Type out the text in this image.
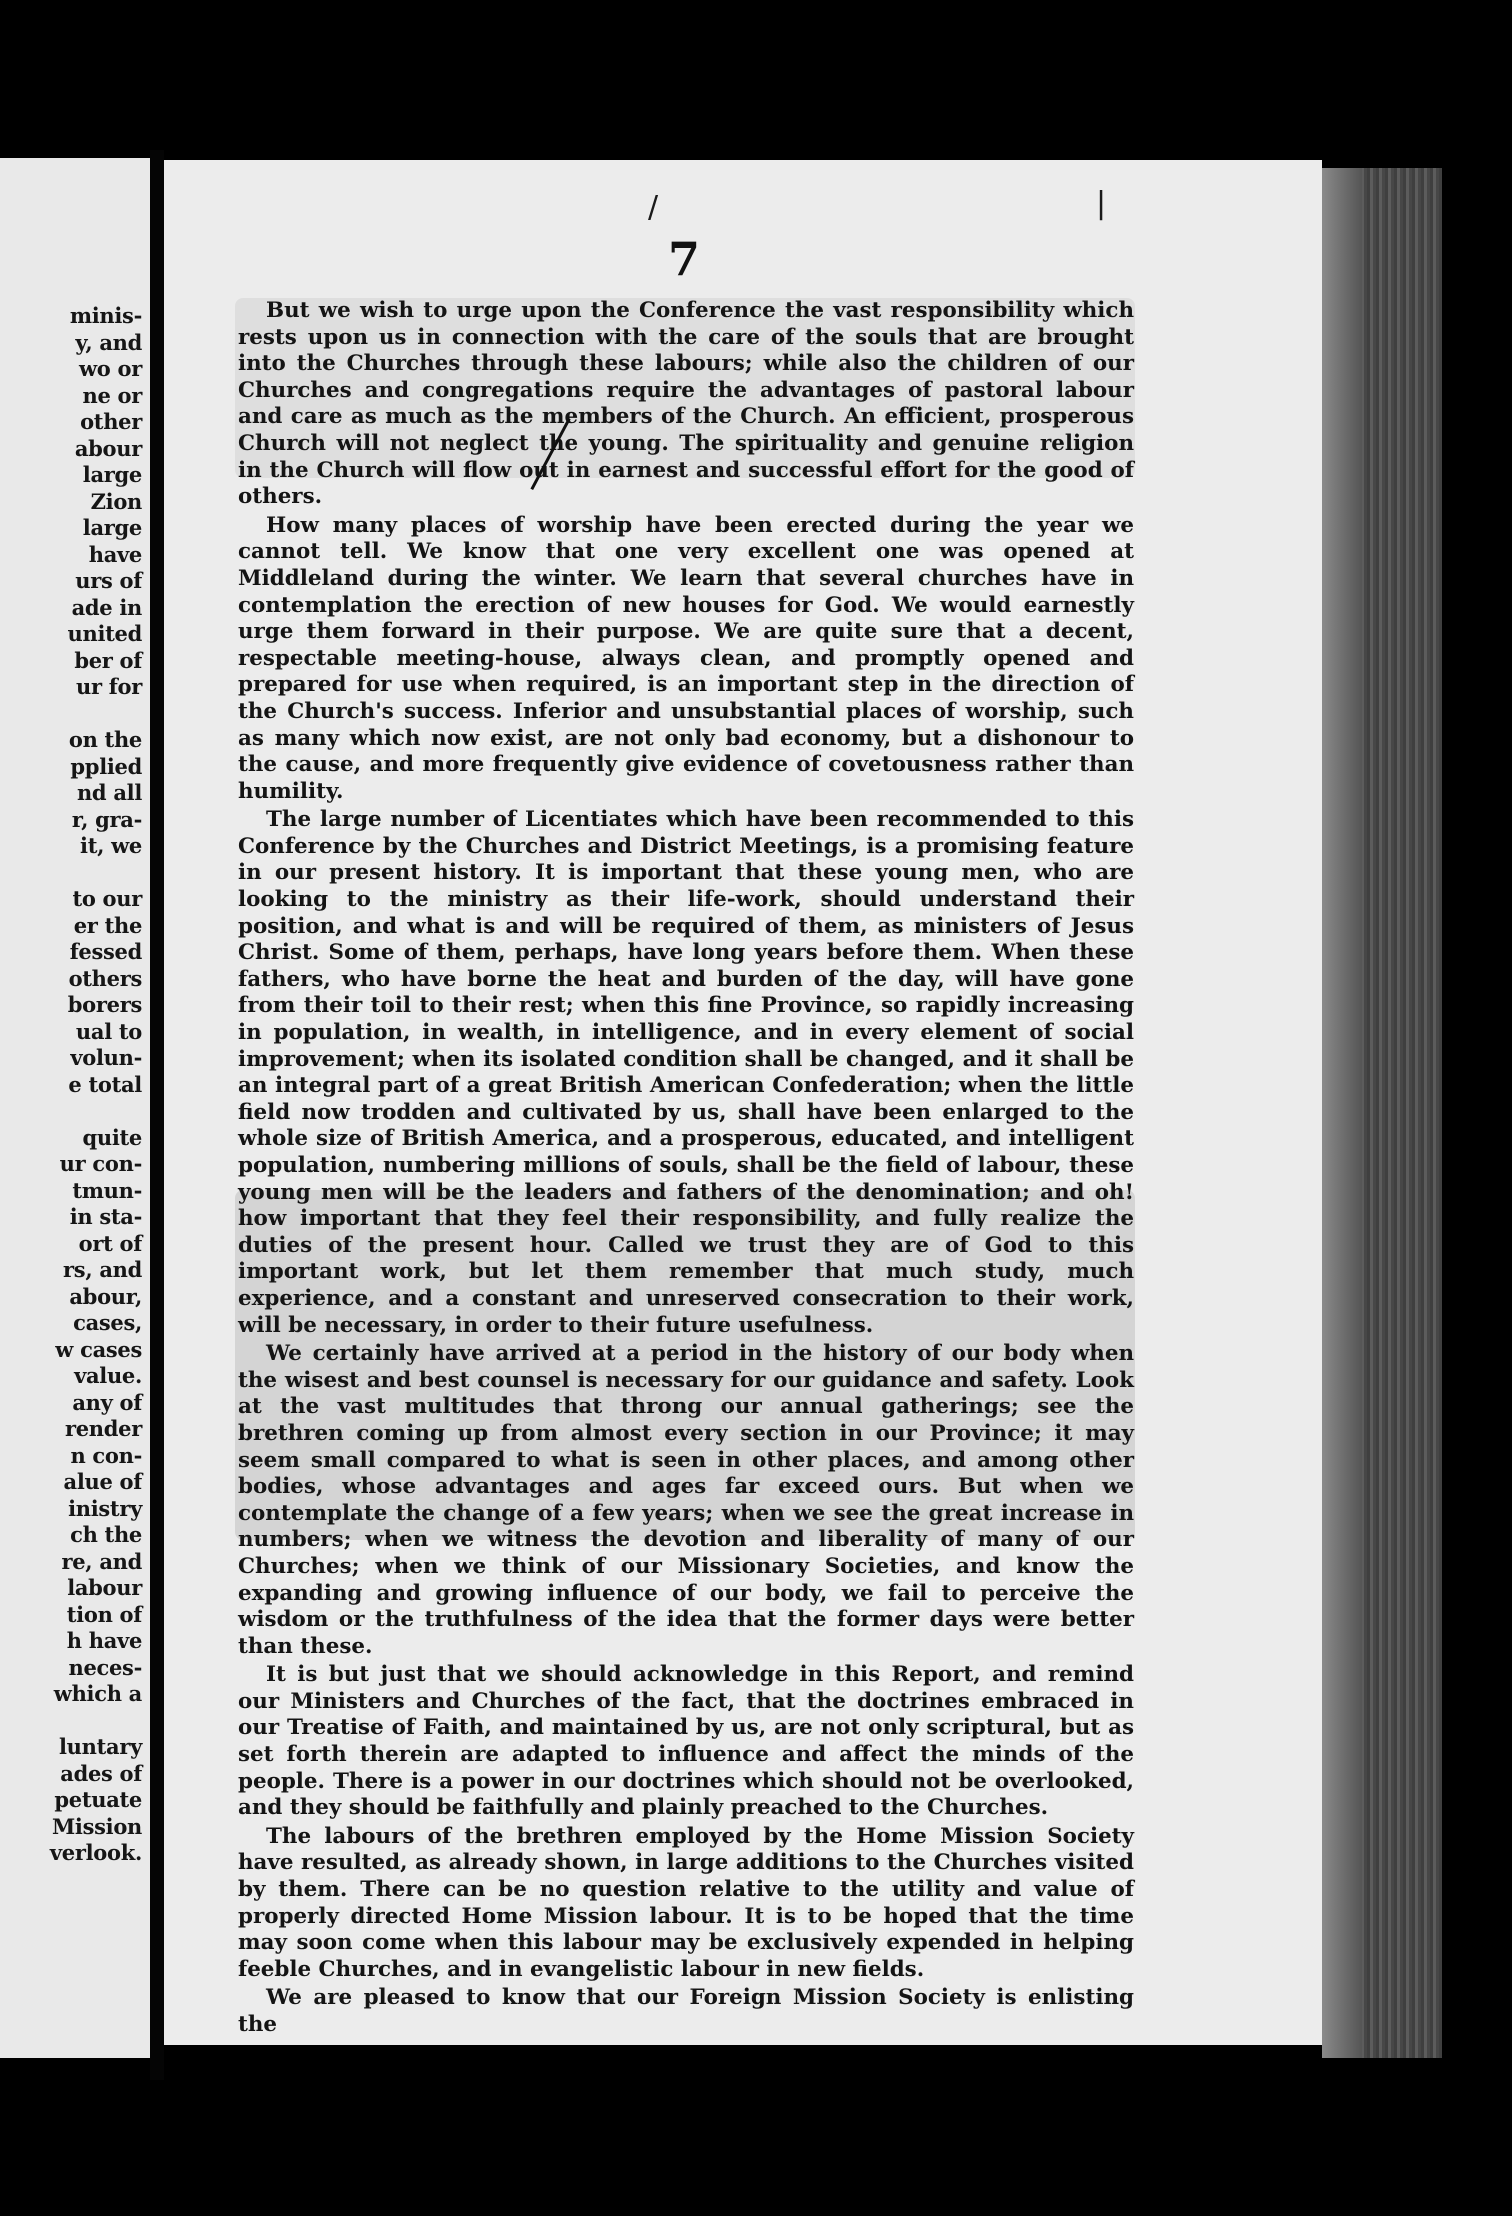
minis-
y, and
wo or
ne or
other
abour
large
Zion
large
have
urs of
ade in
united
ber of
ur for
on the
pplied
nd all
r, gra-
it, we
to our
er the
fessed
others
borers
ual to
volun-
e total
quite
ur con-
tmun-
in sta-
ort of
rs, and
abour,
cases,
w cases
value.
any of
render
n con-
alue of
inistry
ch the
re, and
labour
tion of
h have
neces-
which a
luntary
ades of
petuate
Mission
verlook.
/	|
7

But we wish to urge upon the Conference the vast responsibility which rests upon us in connection with the care of the souls that are brought into the Churches through these labours; while also the children of our Churches and congregations require the advantages of pastoral labour and care as much as the members of the Church. An efficient, prosperous Church will not neglect the young. The spirituality and genuine religion in the Church will flow out in earnest and successful effort for the good of others.

How many places of worship have been erected during the year we cannot tell. We know that one very excellent one was opened at Middleland during the winter. We learn that several churches have in contemplation the erection of new houses for God. We would earnestly urge them forward in their purpose. We are quite sure that a decent, respectable meeting-house, always clean, and promptly opened and prepared for use when required, is an important step in the direction of the Church's success. Inferior and unsubstantial places of worship, such as many which now exist, are not only bad economy, but a dishonour to the cause, and more frequently give evidence of covetousness rather than humility.

The large number of Licentiates which have been recommended to this Conference by the Churches and District Meetings, is a promising feature in our present history. It is important that these young men, who are looking to the ministry as their life-work, should understand their position, and what is and will be required of them, as ministers of Jesus Christ. Some of them, perhaps, have long years before them. When these fathers, who have borne the heat and burden of the day, will have gone from their toil to their rest; when this fine Province, so rapidly increasing in population, in wealth, in intelligence, and in every element of social improvement; when its isolated condition shall be changed, and it shall be an integral part of a great British American Confederation; when the little field now trodden and cultivated by us, shall have been enlarged to the whole size of British America, and a prosperous, educated, and intelligent population, numbering millions of souls, shall be the field of labour, these young men will be the leaders and fathers of the denomination; and oh! how important that they feel their responsibility, and fully realize the duties of the present hour. Called we trust they are of God to this important work, but let them remember that much study, much experience, and a constant and unreserved consecration to their work, will be necessary, in order to their future usefulness.

We certainly have arrived at a period in the history of our body when the wisest and best counsel is necessary for our guidance and safety. Look at the vast multitudes that throng our annual gatherings; see the brethren coming up from almost every section in our Province; it may seem small compared to what is seen in other places, and among other bodies, whose advantages and ages far exceed ours. But when we contemplate the change of a few years; when we see the great increase in numbers; when we witness the devotion and liberality of many of our Churches; when we think of our Missionary Societies, and know the expanding and growing influence of our body, we fail to perceive the wisdom or the truthfulness of the idea that the former days were better than these.

It is but just that we should acknowledge in this Report, and remind our Ministers and Churches of the fact, that the doctrines embraced in our Treatise of Faith, and maintained by us, are not only scriptural, but as set forth therein are adapted to influence and affect the minds of the people. There is a power in our doctrines which should not be overlooked, and they should be faithfully and plainly preached to the Churches.

The labours of the brethren employed by the Home Mission Society have resulted, as already shown, in large additions to the Churches visited by them. There can be no question relative to the utility and value of properly directed Home Mission labour. It is to be hoped that the time may soon come when this labour may be exclusively expended in helping feeble Churches, and in evangelistic labour in new fields.

We are pleased to know that our Foreign Mission Society is enlisting the
